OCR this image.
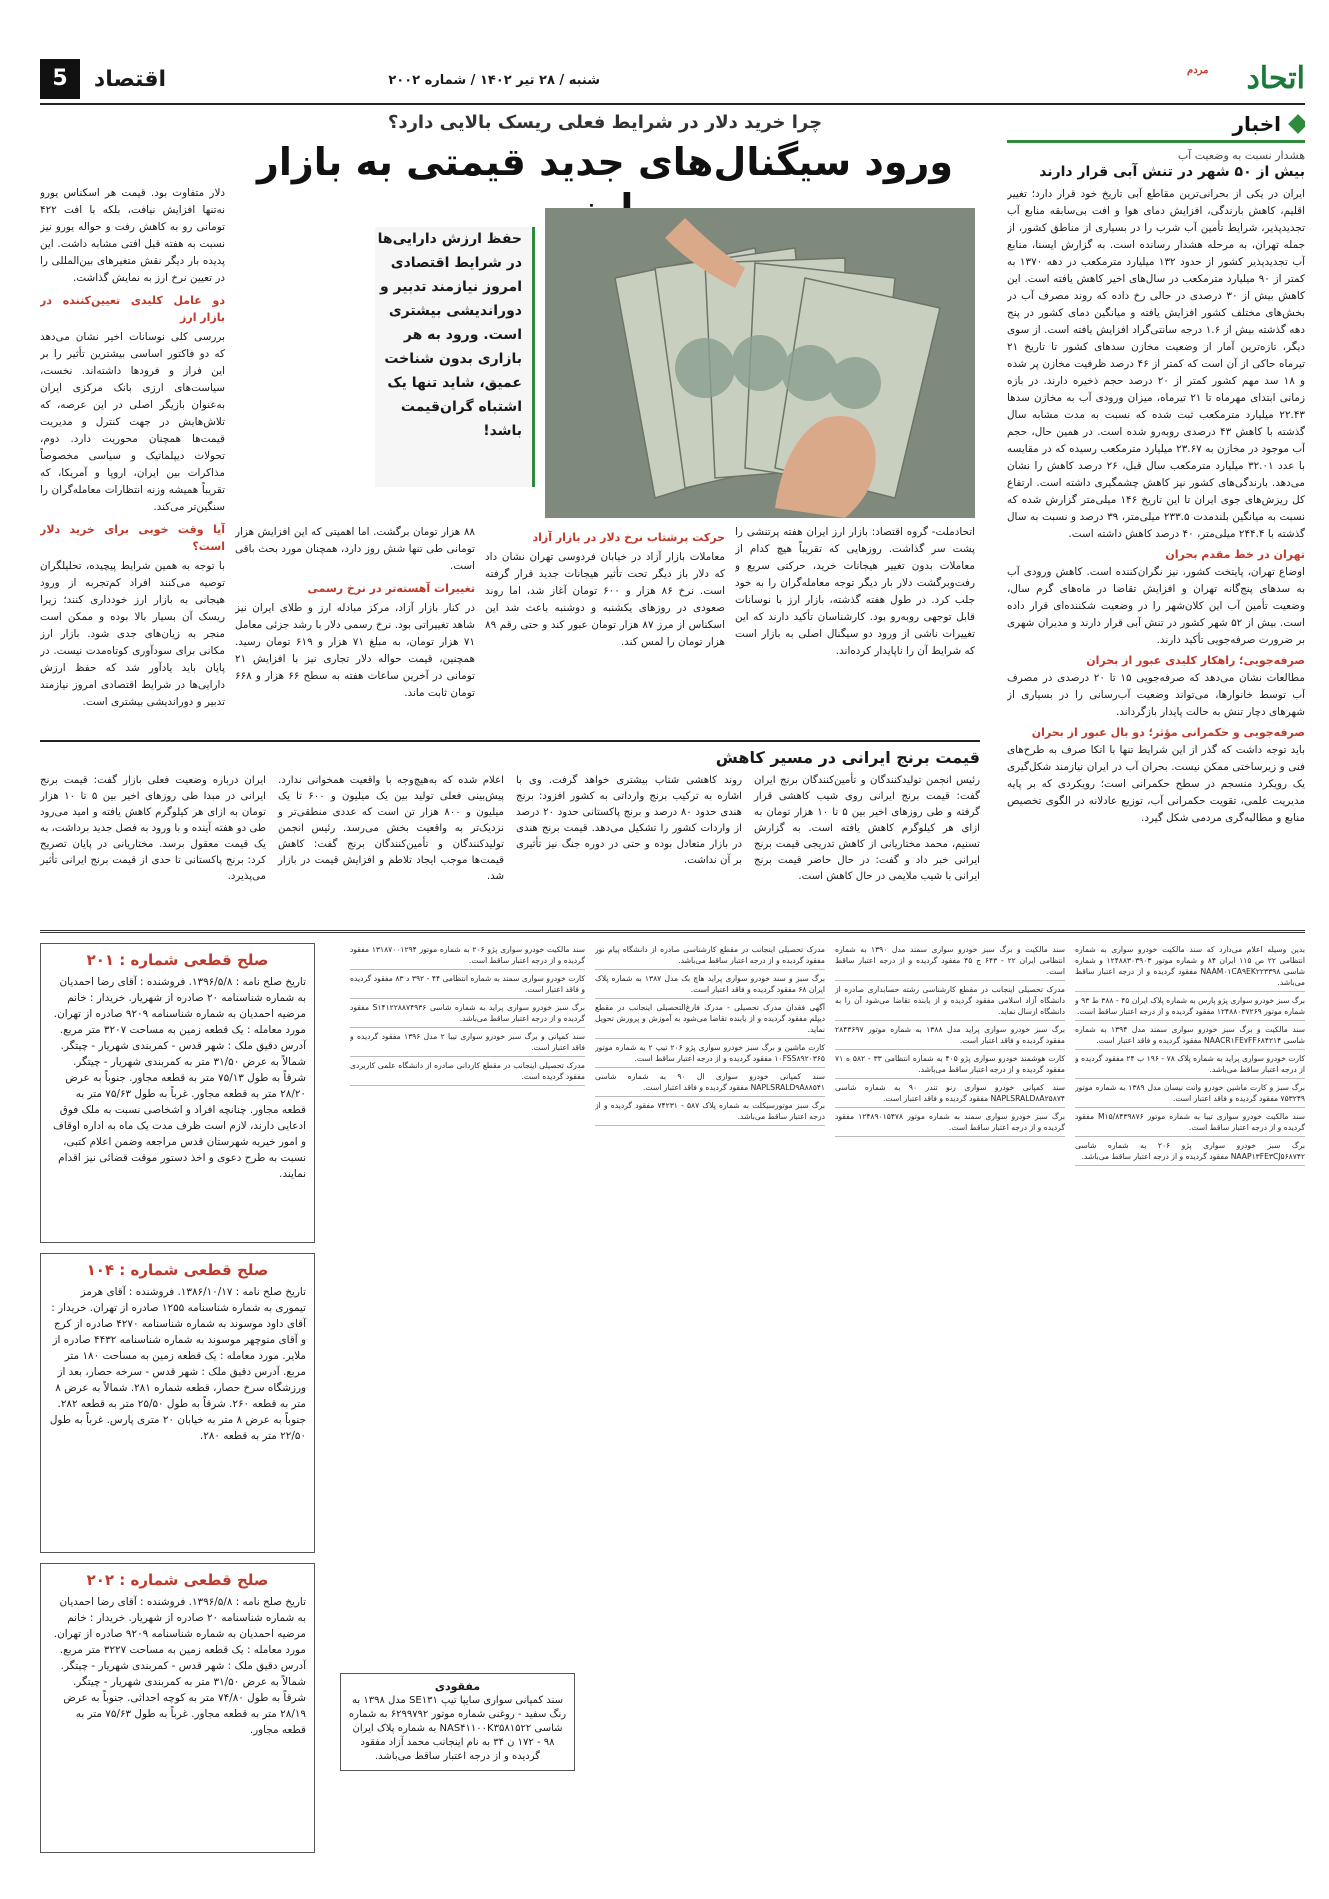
اتحاد
مردم
شنبه / ۲۸ تیر ۱۴۰۲ / شماره ۲۰۰۲
اقتصاد
5
اخبار
هشدار نسبت به وضعیت آب
بیش از ۵۰ شهر در تنش آبی قرار دارند
ایران در یکی از بحرانی‌ترین مقاطع آبی تاریخ خود قرار دارد؛ تغییر اقلیم، کاهش بارندگی، افزایش دمای هوا و افت بی‌سابقه منابع آب تجدیدپذیر، شرایط تأمین آب شرب را در بسیاری از مناطق کشور، از جمله تهران، به مرحله هشدار رسانده است. به گزارش ایسنا، منابع آب تجدیدپذیر کشور از حدود ۱۳۲ میلیارد مترمکعب در دهه ۱۳۷۰ به کمتر از ۹۰ میلیارد مترمکعب در سال‌های اخیر کاهش یافته است. این کاهش بیش از ۳۰ درصدی در حالی رخ داده که روند مصرف آب در بخش‌های مختلف کشور افزایش یافته و میانگین دمای کشور در پنج دهه گذشته بیش از ۱.۶ درجه سانتی‌گراد افزایش یافته است. از سوی دیگر، تازه‌ترین آمار از وضعیت مخازن سدهای کشور تا تاریخ ۲۱ تیرماه حاکی از آن است که کمتر از ۴۶ درصد ظرفیت مخازن پر شده و ۱۸ سد مهم کشور کمتر از ۲۰ درصد حجم ذخیره دارند. در بازه زمانی ابتدای مهرماه تا ۲۱ تیرماه، میزان ورودی آب به مخازن سدها ۲۲.۴۳ میلیارد مترمکعب ثبت شده که نسبت به مدت مشابه سال گذشته با کاهش ۴۳ درصدی روبه‌رو شده است. در همین حال، حجم آب موجود در مخازن به ۲۳.۶۷ میلیارد مترمکعب رسیده که در مقایسه با عدد ۳۲.۰۱ میلیارد مترمکعب سال قبل، ۲۶ درصد کاهش را نشان می‌دهد. بارندگی‌های کشور نیز کاهش چشمگیری داشته است. ارتفاع کل ریزش‌های جوی ایران تا این تاریخ ۱۴۶ میلی‌متر گزارش شده که نسبت به میانگین بلندمدت ۲۳۳.۵ میلی‌متر، ۳۹ درصد و نسبت به سال گذشته با ۲۴۴.۴ میلی‌متر، ۴۰ درصد کاهش داشته است.
تهران در خط مقدم بحران
اوضاع تهران، پایتخت کشور، نیز نگران‌کننده است. کاهش ورودی آب به سدهای پنج‌گانه تهران و افزایش تقاضا در ماه‌های گرم سال، وضعیت تأمین آب این کلان‌شهر را در وضعیت شکننده‌ای قرار داده است. بیش از ۵۲ شهر کشور در تنش آبی قرار دارند و مدیران شهری بر ضرورت صرفه‌جویی تأکید دارند.
صرفه‌جویی؛ راهکار کلیدی عبور از بحران
مطالعات نشان می‌دهد که صرفه‌جویی ۱۵ تا ۲۰ درصدی در مصرف آب توسط خانوارها، می‌تواند وضعیت آب‌رسانی را در بسیاری از شهرهای دچار تنش به حالت پایدار بازگرداند.
صرفه‌جویی و حکمرانی مؤثر؛ دو بال عبور از بحران
باید توجه داشت که گذر از این شرایط تنها با اتکا صرف به طرح‌های فنی و زیرساختی ممکن نیست. بحران آب در ایران نیازمند شکل‌گیری یک رویکرد منسجم در سطح حکمرانی است؛ رویکردی که بر پایه مدیریت علمی، تقویت حکمرانی آب، توزیع عادلانه در الگوی تخصیص منابع و مطالبه‌گری مردمی شکل گیرد.
چرا خرید دلار در شرایط فعلی ریسک بالایی دارد؟
ورود سیگنال‌های جدید قیمتی به بازار
حفظ ارزش دارایی‌ها در شرایط اقتصادی امروز نیازمند تدبیر و دوراندیشی بیشتری است. ورود به هر بازاری بدون شناخت عمیق، شاید تنها یک اشتباه گران‌قیمت باشد!
اتحادملت- گروه اقتصاد: بازار ارز ایران هفته پرتنشی را پشت سر گذاشت. روزهایی که تقریباً هیچ کدام از معاملات بدون تغییر هیجانات خرید، حرکتی سریع و رفت‌وبرگشت دلار بار دیگر توجه معامله‌گران را به خود جلب کرد. در طول هفته گذشته، بازار ارز با نوسانات قابل توجهی روبه‌رو بود. کارشناسان تأکید دارند که این تغییرات ناشی از ورود دو سیگنال اصلی به بازار است که شرایط آن را ناپایدار کرده‌اند.
حرکت پرشتاب نرخ دلار در بازار آزاد
معاملات بازار آزاد در خیابان فردوسی تهران نشان داد که دلار باز دیگر تحت تأثیر هیجانات جدید قرار گرفته است. نرخ ۸۶ هزار و ۶۰۰ تومان آغاز شد، اما روند صعودی در روزهای یکشنبه و دوشنبه باعث شد این اسکناس از مرز ۸۷ هزار تومان عبور کند و حتی رقم ۸۹ هزار تومان را لمس کند.
۸۸ هزار تومان برگشت. اما اهمیتی که این افزایش هزار تومانی طی تنها شش روز دارد، همچنان مورد بحث باقی است.
تغییرات آهسته‌تر در نرخ رسمی
در کنار بازار آزاد، مرکز مبادله ارز و طلای ایران نیز شاهد تغییراتی بود. نرخ رسمی دلار با رشد جزئی معامل ۷۱ هزار تومان، به مبلغ ۷۱ هزار و ۶۱۹ تومان رسید. همچنین، قیمت حواله دلار تجاری نیز با افزایش ۲۱ تومانی در آخرین ساعات هفته به سطح ۶۶ هزار و ۶۶۸ تومان ثابت ماند.
دلار متفاوت بود. قیمت هر اسکناس یورو نه‌تنها افزایش نیافت، بلکه با افت ۴۲۲ تومانی رو به کاهش رفت و حواله یورو نیز نسبت به هفته قبل افتی مشابه داشت. این پدیده بار دیگر نقش متغیرهای بین‌المللی را در تعیین نرخ ارز به نمایش گذاشت.
دو عامل کلیدی تعیین‌کننده در بازار ارز
بررسی کلی نوسانات اخیر نشان می‌دهد که دو فاکتور اساسی بیشترین تأثیر را بر این فراز و فرودها داشته‌اند. نخست، سیاست‌های ارزی بانک مرکزی ایران به‌عنوان بازیگر اصلی در این عرصه، که تلاش‌هایش در جهت کنترل و مدیریت قیمت‌ها همچنان محوریت دارد. دوم، تحولات دیپلماتیک و سیاسی مخصوصاً مذاکرات بین ایران، اروپا و آمریکا، که تقریباً همیشه وزنه انتظارات معامله‌گران را سنگین‌تر می‌کند.
آیا وقت خوبی برای خرید دلار است؟
با توجه به همین شرایط پیچیده، تحلیلگران توصیه می‌کنند افراد کم‌تجربه از ورود هیجانی به بازار ارز خودداری کنند؛ زیرا ریسک آن بسیار بالا بوده و ممکن است منجر به زیان‌های جدی شود. بازار ارز مکانی برای سودآوری کوتاه‌مدت نیست. در پایان باید یادآور شد که حفظ ارزش دارایی‌ها در شرایط اقتصادی امروز نیازمند تدبیر و دوراندیشی بیشتری است.
قیمت برنج ایرانی در مسیر کاهش
رئیس انجمن تولیدکنندگان و تأمین‌کنندگان برنج ایران گفت: قیمت برنج ایرانی روی شیب کاهشی قرار گرفته و طی روزهای اخیر بین ۵ تا ۱۰ هزار تومان به ازای هر کیلوگرم کاهش یافته است. به گزارش تسنیم، محمد مختاریانی از کاهش تدریجی قیمت برنج ایرانی خبر داد و گفت: در حال حاضر قیمت برنج ایرانی با شیب ملایمی در حال کاهش است.
روند کاهشی شتاب بیشتری خواهد گرفت. وی با اشاره به ترکیب برنج وارداتی به کشور افزود: برنج هندی حدود ۸۰ درصد و برنج پاکستانی حدود ۲۰ درصد از واردات کشور را تشکیل می‌دهد. قیمت برنج هندی در بازار متعادل بوده و حتی در دوره جنگ نیز تأثیری بر آن نداشت.
اعلام شده که به‌هیچ‌وجه با واقعیت همخوانی ندارد. پیش‌بینی فعلی تولید بین یک میلیون و ۶۰۰ تا یک میلیون و ۸۰۰ هزار تن است که عددی منطقی‌تر و نزدیک‌تر به واقعیت بخش می‌رسد. رئیس انجمن تولیدکنندگان و تأمین‌کنندگان برنج گفت: کاهش قیمت‌ها موجب ایجاد تلاطم و افزایش قیمت در بازار شد.
ایران درباره وضعیت فعلی بازار گفت: قیمت برنج ایرانی در مبدا طی روزهای اخیر بین ۵ تا ۱۰ هزار تومان به ازای هر کیلوگرم کاهش یافته و امید می‌رود طی دو هفته آینده و با ورود به فصل جدید برداشت، به یک قیمت معقول برسد. مختاریانی در پایان تصریح کرد: برنج پاکستانی تا حدی از قیمت برنج ایرانی تأثیر می‌پذیرد.

بدین وسیله اعلام می‌دارد که سند مالکیت خودرو سواری به شماره انتظامی ۲۲ ص ۱۱۵ ایران ۸۴ و شماره موتور ۱۲۴۸۸۳۰۳۹۰۳ و شماره شاسی NAAM۰۱CA۹EK۲۲۳۳۹۸ مفقود گردیده و از درجه اعتبار ساقط می‌باشد.

برگ سبز خودرو سواری پژو پارس به شماره پلاک ایران ۴۵ - ۳۸۸ ط ۹۳ و شماره موتور ۱۲۴۸۸۰۳۷۲۶۹ مفقود گردیده و از درجه اعتبار ساقط است.

سند مالکیت و برگ سبز خودرو سواری سمند مدل ۱۳۹۴ به شماره شاسی NAACR۱FE۷FF۶۸۴۲۱۴ مفقود گردیده و فاقد اعتبار است.

کارت خودرو سواری پراید به شماره پلاک ۷۸ - ۱۹۶ ب ۲۴ مفقود گردیده و از درجه اعتبار ساقط می‌باشد.

برگ سبز و کارت ماشین خودرو وانت نیسان مدل ۱۳۸۹ به شماره موتور ۷۵۳۲۴۹ مفقود گردیده و فاقد اعتبار است.

سند مالکیت خودرو سواری تیبا به شماره موتور M۱۵/۸۴۳۹۸۷۶ مفقود گردیده و از درجه اعتبار ساقط است.

برگ سبز خودرو سواری پژو ۲۰۶ به شماره شاسی NAAP۱۳FE۳CJ۵۶۸۷۴۲ مفقود گردیده و از درجه اعتبار ساقط می‌باشد.

سند مالکیت و برگ سبز خودرو سواری سمند مدل ۱۳۹۰ به شماره انتظامی ایران ۲۲ - ۶۴۳ ج ۴۵ مفقود گردیده و از درجه اعتبار ساقط است.

مدرک تحصیلی اینجانب در مقطع کارشناسی رشته حسابداری صادره از دانشگاه آزاد اسلامی مفقود گردیده و از یابنده تقاضا می‌شود آن را به دانشگاه ارسال نماید.

برگ سبز خودرو سواری پراید مدل ۱۳۸۸ به شماره موتور ۲۸۴۳۶۹۷ مفقود گردیده و فاقد اعتبار است.

کارت هوشمند خودرو سواری پژو ۴۰۵ به شماره انتظامی ۳۳ - ۵۸۲ ه ۷۱ مفقود گردیده و از درجه اعتبار ساقط می‌باشد.

سند کمپانی خودرو سواری رنو تندر ۹۰ به شماره شاسی NAPLSRALD۸A۲۵۸۷۴ مفقود گردیده و فاقد اعتبار است.

برگ سبز خودرو سواری سمند به شماره موتور ۱۲۴۸۹۰۱۵۴۷۸ مفقود گردیده و از درجه اعتبار ساقط است.

مدرک تحصیلی اینجانب در مقطع کارشناسی صادره از دانشگاه پیام نور مفقود گردیده و از درجه اعتبار ساقط می‌باشد.

برگ سبز و سند خودرو سواری پراید هاچ بک مدل ۱۳۸۷ به شماره پلاک ایران ۶۸ مفقود گردیده و فاقد اعتبار است.

آگهی فقدان مدرک تحصیلی - مدرک فارغ‌التحصیلی اینجانب در مقطع دیپلم مفقود گردیده و از یابنده تقاضا می‌شود به آموزش و پرورش تحویل نماید.

کارت ماشین و برگ سبز خودرو سواری پژو ۲۰۶ تیپ ۲ به شماره موتور ۱۰FSS۸۹۲۰۳۶۵ مفقود گردیده و از درجه اعتبار ساقط است.

سند کمپانی خودرو سواری ال ۹۰ به شماره شاسی NAPLSRALD۹A۸۸۵۴۱ مفقود گردیده و فاقد اعتبار است.

برگ سبز موتورسیکلت به شماره پلاک ۵۸۷ - ۷۴۲۳۱ مفقود گردیده و از درجه اعتبار ساقط می‌باشد.

سند مالکیت خودرو سواری پژو ۲۰۶ به شماره موتور ۱۳۱۸۷۰۰۱۲۹۴ مفقود گردیده و از درجه اعتبار ساقط است.

کارت خودرو سواری سمند به شماره انتظامی ۴۴ - ۳۹۲ د ۸۳ مفقود گردیده و فاقد اعتبار است.

برگ سبز خودرو سواری پراید به شماره شاسی S۱۴۱۲۲۸۸۷۴۹۳۶ مفقود گردیده و از درجه اعتبار ساقط می‌باشد.

سند کمپانی و برگ سبز خودرو سواری تیبا ۲ مدل ۱۳۹۶ مفقود گردیده و فاقد اعتبار است.

مدرک تحصیلی اینجانب در مقطع کاردانی صادره از دانشگاه علمی کاربردی مفقود گردیده است.

مفقودی
سند کمپانی سواری سایپا تیپ SE۱۳۱ مدل ۱۳۹۸ به رنگ سفید - روغنی شماره موتور ۶۲۹۹۷۹۲ به شماره شاسی NAS۴۱۱۰۰K۳۵۸۱۵۲۲ به شماره پلاک ایران ۹۸ - ۱۷۲ ن ۳۴ به نام اینجانب محمد آزاد مفقود گردیده و از درجه اعتبار ساقط می‌باشد.
صلح قطعی شماره : ۲۰۱
تاریخ صلح نامه : ۱۳۹۶/۵/۸. فروشنده : آقای رضا احمدیان به شماره شناسنامه ۲۰ صادره از شهریار. خریدار : خانم مرضیه احمدیان به شماره شناسنامه ۹۲۰۹ صادره از تهران. مورد معامله : یک قطعه زمین به مساحت ۳۲۰۷ متر مربع. آدرس دقیق ملک : شهر قدس - کمربندی شهریار - چیتگر. شمالاً به عرض ۳۱/۵۰ متر به کمربندی شهریار - چیتگر. شرقاً به طول ۷۵/۱۳ متر به قطعه مجاور. جنوباً به عرض ۲۸/۲۰ متر به قطعه مجاور. غرباً به طول ۷۵/۶۳ متر به قطعه مجاور. چنانچه افراد و اشخاصی نسبت به ملک فوق ادعایی دارند، لازم است ظرف مدت یک ماه به اداره اوقاف و امور خیریه شهرستان قدس مراجعه وضمن اعلام کتبی، نسبت به طرح دعوی و اخذ دستور موقت قضائی نیز اقدام نمایند.
صلح قطعی شماره : ۱۰۴
تاریخ صلح نامه : ۱۳۸۶/۱۰/۱۷. فروشنده : آقای هرمز تیموری به شماره شناسنامه ۱۲۵۵ صادره از تهران. خریدار : آقای داود موسوند به شماره شناسنامه ۴۲۷۰ صادره از کرج و آقای منوچهر موسوند به شماره شناسنامه ۴۴۳۲ صادره از ملایر. مورد معامله : یک قطعه زمین به مساحت ۱۸۰ متر مربع. آدرس دقیق ملک : شهر قدس - سرخه حصار، بعد از ورزشگاه سرخ حصار، قطعه شماره ۲۸۱. شمالاً به عرض ۸ متر به قطعه ۲۶۰. شرقاً به طول ۲۵/۵۰ متر به قطعه ۲۸۲. جنوباً به عرض ۸ متر به خیابان ۲۰ متری پارس. غرباً به طول ۲۲/۵۰ متر به قطعه ۲۸۰.
صلح قطعی شماره : ۲۰۲
تاریخ صلح نامه : ۱۳۹۶/۵/۸. فروشنده : آقای رضا احمدیان به شماره شناسنامه ۲۰ صادره از شهریار. خریدار : خانم مرضیه احمدیان به شماره شناسنامه ۹۲۰۹ صادره از تهران. مورد معامله : یک قطعه زمین به مساحت ۳۲۲۷ متر مربع. آدرس دقیق ملک : شهر قدس - کمربندی شهریار - چیتگر. شمالاً به عرض ۳۱/۵۰ متر به کمربندی شهریار - چیتگر. شرقاً به طول ۷۴/۸۰ متر به کوچه احداثی. جنوباً به عرض ۲۸/۱۹ متر به قطعه مجاور. غرباً به طول ۷۵/۶۳ متر به قطعه مجاور.
